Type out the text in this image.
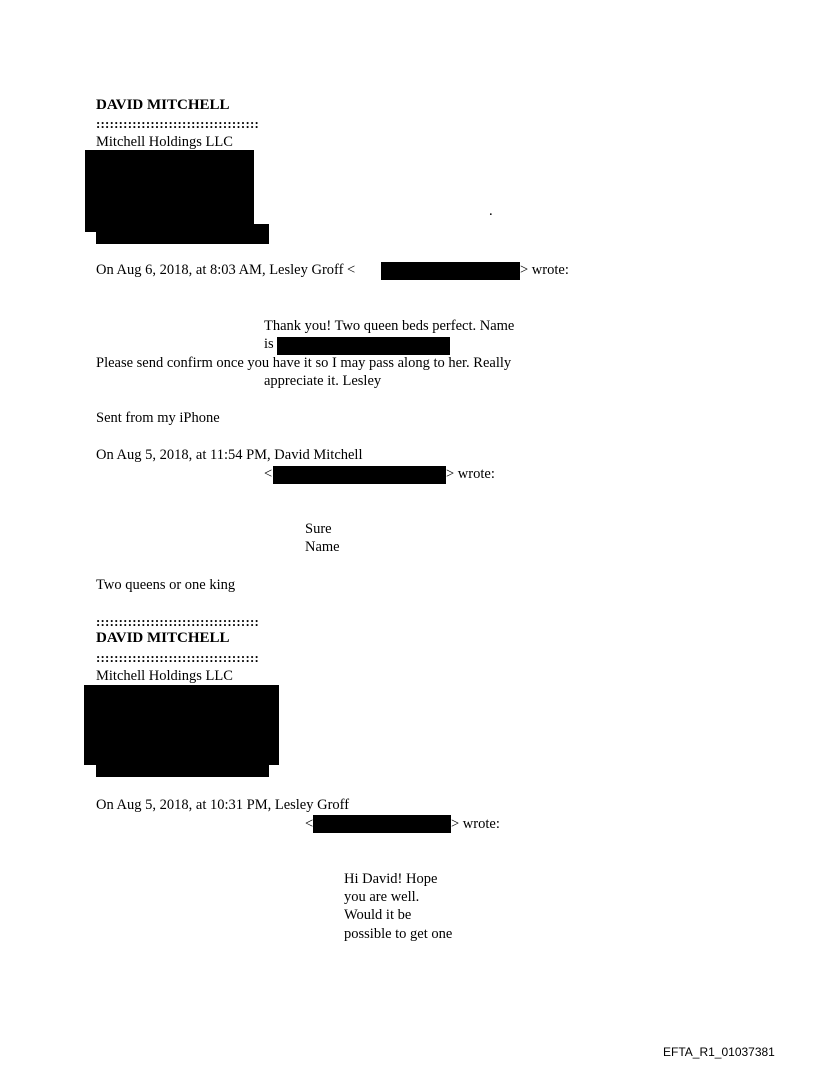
DAVID MITCHELL
::::::::::::::::::::::::::::::::::::
Mitchell Holdings LLC
.
On Aug 6, 2018, at 8:03 AM, Lesley Groff <	> wrote:
Thank you! Two queen beds perfect. Name
is
Please send confirm once you have it so I may pass along to her. Really
appreciate it. Lesley
Sent from my iPhone
On Aug 5, 2018, at 11:54 PM, David Mitchell
<	> wrote:
Sure
Name
Two queens or one king
::::::::::::::::::::::::::::::::::::
DAVID MITCHELL
::::::::::::::::::::::::::::::::::::
Mitchell Holdings LLC
On Aug 5, 2018, at 10:31 PM, Lesley Groff
<	> wrote:
Hi David! Hope
you are well.
Would it be
possible to get one
EFTA_R1_01037381
